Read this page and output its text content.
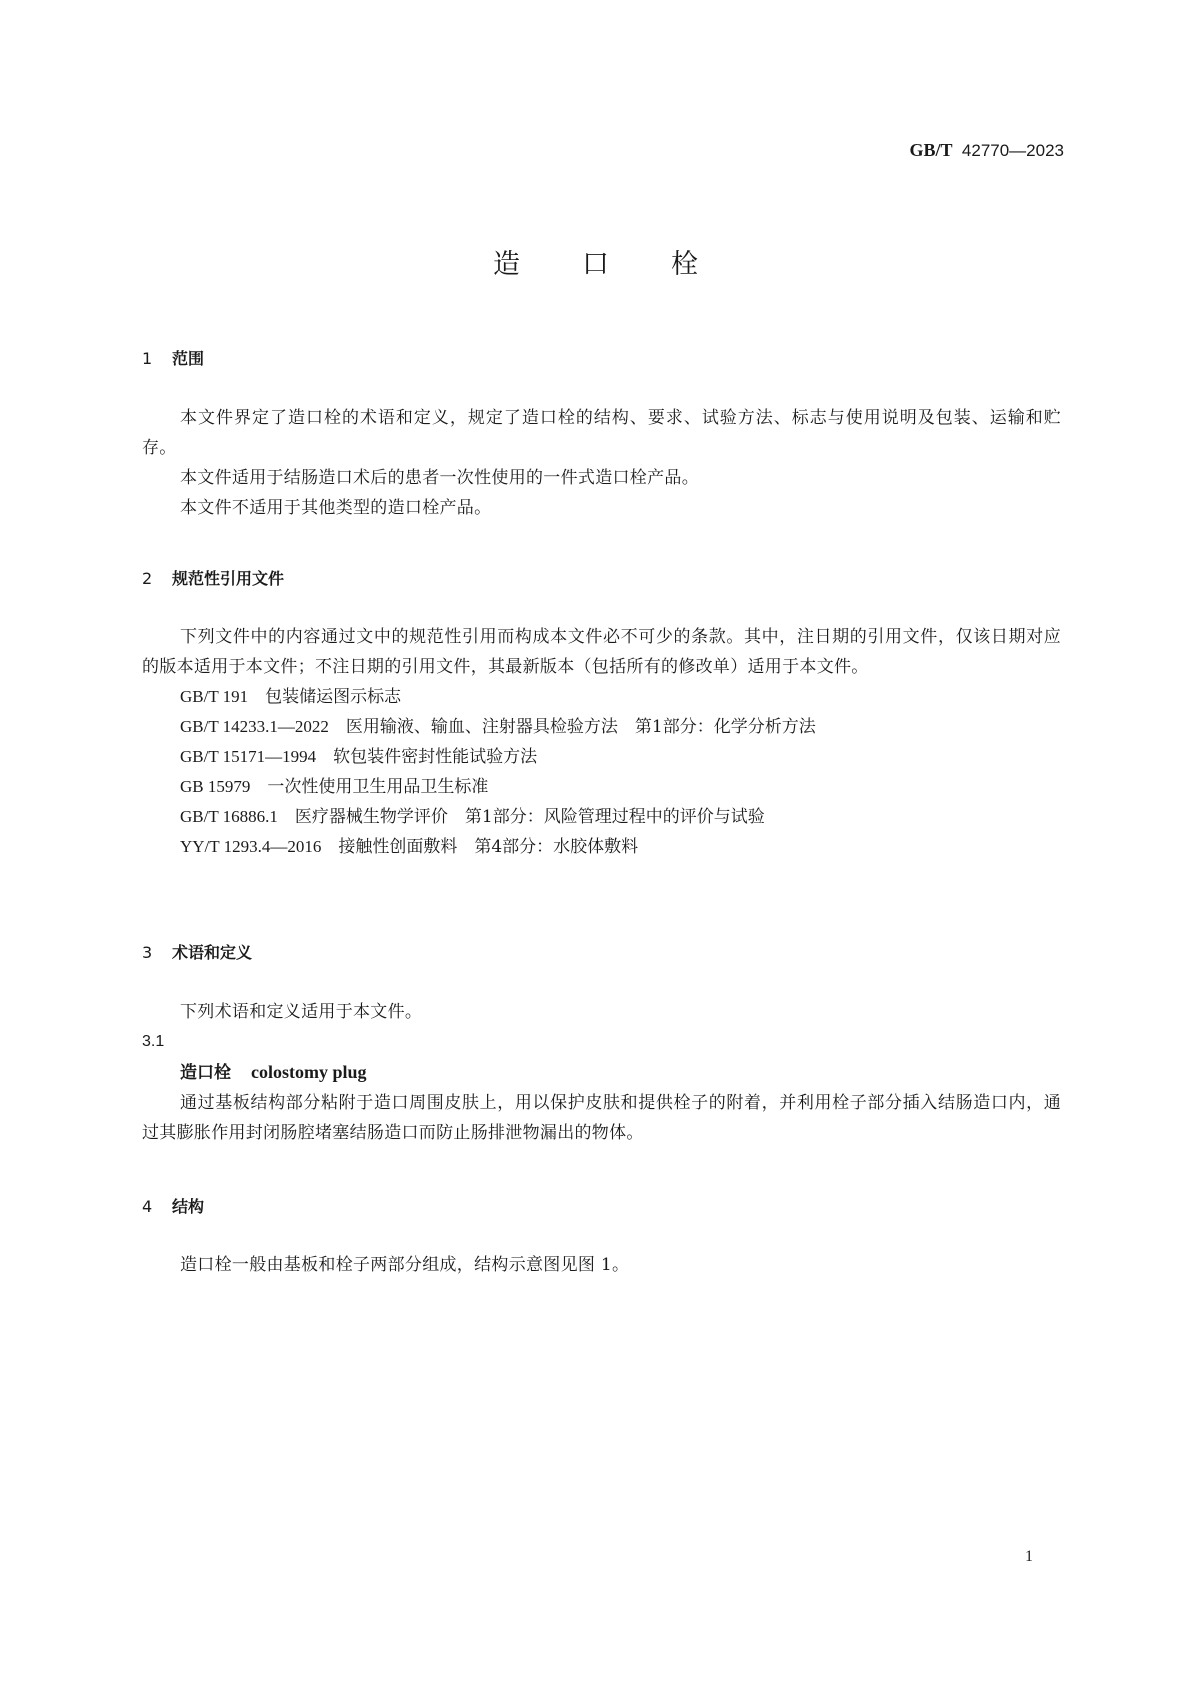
GB/T 42770—2023
造口栓
1 范围

本文件界定了造口栓的术语和定义，规定了造口栓的结构、要求、试验方法、标志与使用说明及包装、运输和贮存。

本文件适用于结肠造口术后的患者一次性使用的一件式造口栓产品。

本文件不适用于其他类型的造口栓产品。

2 规范性引用文件

下列文件中的内容通过文中的规范性引用而构成本文件必不可少的条款。其中，注日期的引用文件，仅该日期对应的版本适用于本文件；不注日期的引用文件，其最新版本（包括所有的修改单）适用于本文件。

GB/T 191　 包装储运图示标志

GB/T 14233.1—2022　 医用输液、输血、注射器具检验方法　第1部分：化学分析方法

GB/T 15171—1994　 软包装件密封性能试验方法

GB 15979　 一次性使用卫生用品卫生标准

GB/T 16886.1　 医疗器械生物学评价　第1部分：风险管理过程中的评价与试验

YY/T 1293.4—2016　 接触性创面敷料　第4部分：水胶体敷料

3 术语和定义

下列术语和定义适用于本文件。

3.1

造口栓 colostomy plug

通过基板结构部分粘附于造口周围皮肤上，用以保护皮肤和提供栓子的附着，并利用栓子部分插入结肠造口内，通过其膨胀作用封闭肠腔堵塞结肠造口而防止肠排泄物漏出的物体。

4 结构

造口栓一般由基板和栓子两部分组成，结构示意图见图 1。

1
